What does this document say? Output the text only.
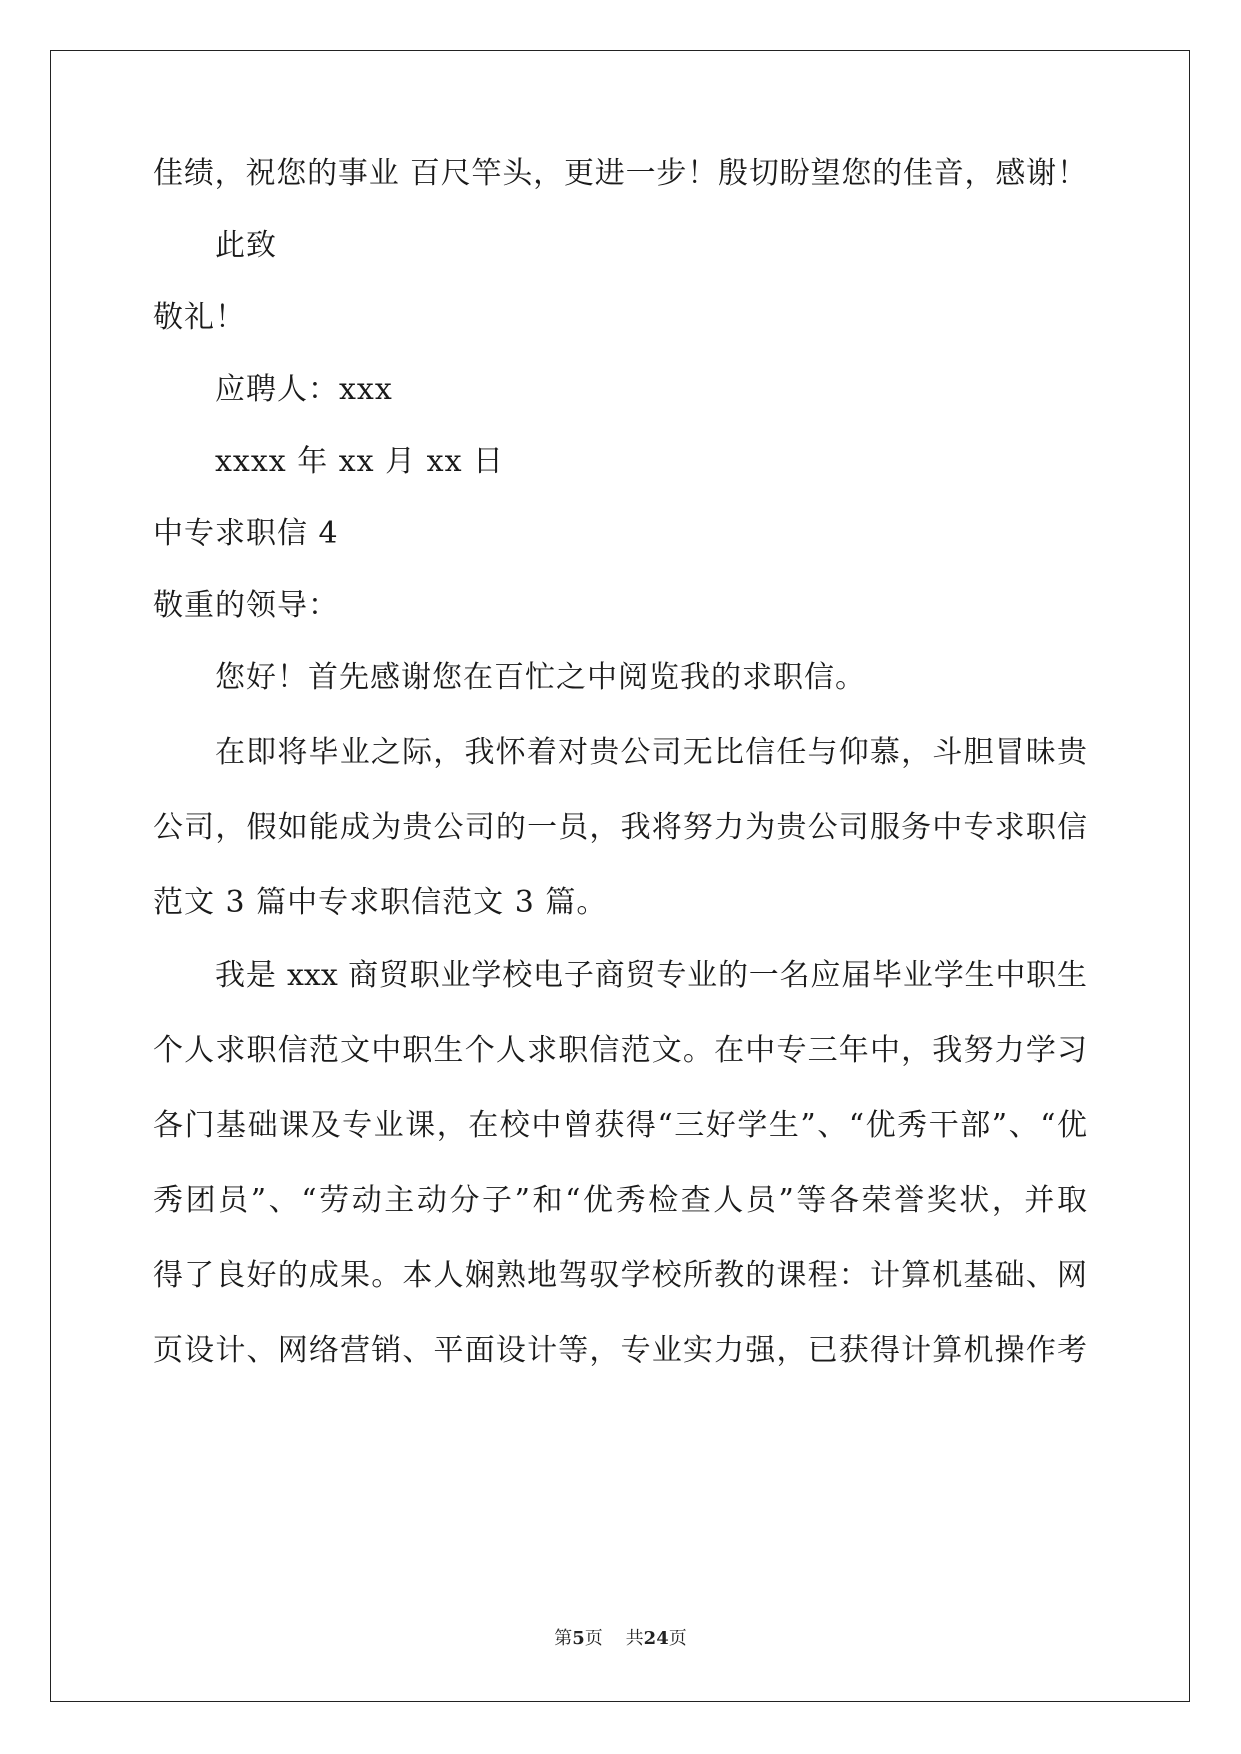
佳绩，祝您的事业 百尺竿头，更进一步！殷切盼望您的佳音，感谢！
此致
敬礼！
应聘人：xxx
xxxx 年 xx 月 xx 日
中专求职信 4
敬重的领导：
您好！首先感谢您在百忙之中阅览我的求职信。
在即将毕业之际，我怀着对贵公司无比信任与仰慕，斗胆冒昧贵
公司，假如能成为贵公司的一员，我将努力为贵公司服务中专求职信
范文 3 篇中专求职信范文 3 篇。
我是 xxx 商贸职业学校电子商贸专业的一名应届毕业学生中职生
个人求职信范文中职生个人求职信范文。在中专三年中，我努力学习
各门基础课及专业课，在校中曾获得“三好学生”、“优秀干部”、“优
秀团员”、“劳动主动分子”和“优秀检查人员”等各荣誉奖状，并取
得了良好的成果。本人娴熟地驾驭学校所教的课程：计算机基础、网
页设计、网络营销、平面设计等，专业实力强，已获得计算机操作考
第5页 共24页
